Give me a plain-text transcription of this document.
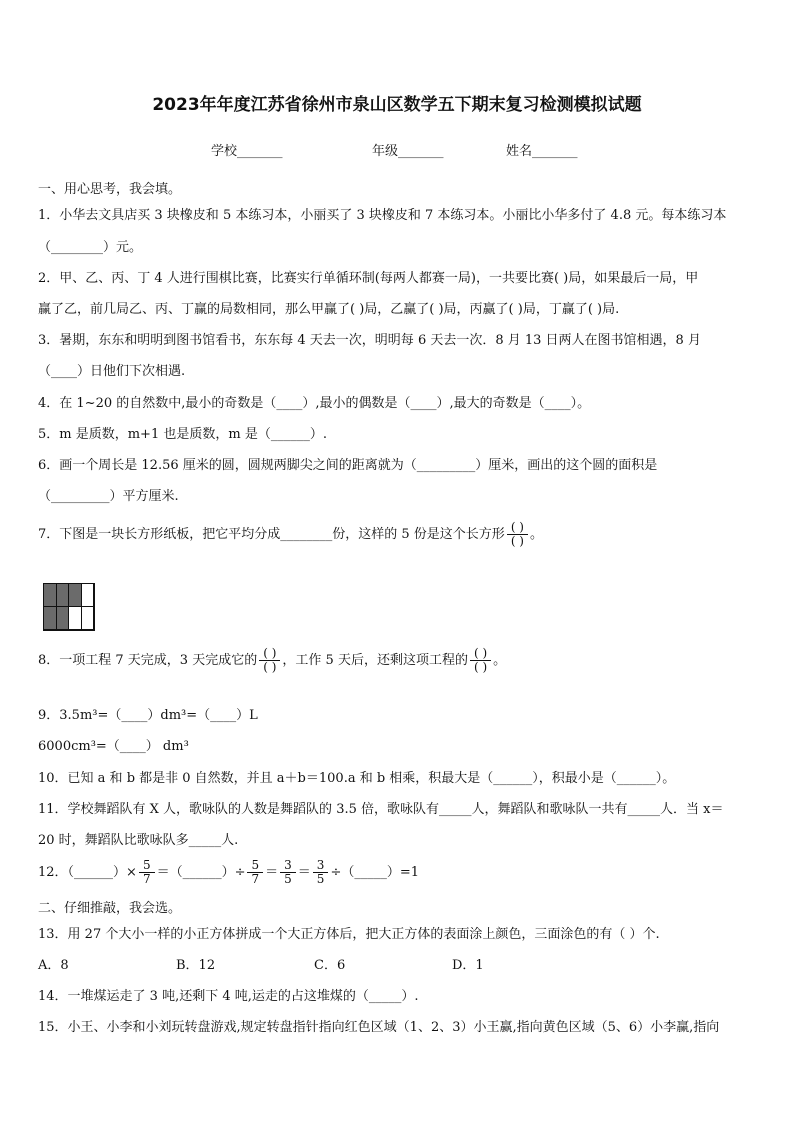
2023年年度江苏省徐州市泉山区数学五下期末复习检测模拟试题
学校_______	年级_______	姓名_______
一、用心思考，我会填。
1．小华去文具店买 3 块橡皮和 5 本练习本，小丽买了 3 块橡皮和 7 本练习本。小丽比小华多付了 4.8 元。每本练习本
（________）元。
2．甲、乙、丙、丁 4 人进行围棋比赛，比赛实行单循环制(每两人都赛一局)，一共要比赛( )局，如果最后一局，甲
赢了乙，前几局乙、丙、丁赢的局数相同，那么甲赢了( )局，乙赢了( )局，丙赢了( )局，丁赢了( )局.
3．暑期，东东和明明到图书馆看书，东东每 4 天去一次，明明每 6 天去一次．8 月 13 日两人在图书馆相遇，8 月
（____）日他们下次相遇.
4．在 1~20 的自然数中,最小的奇数是（____）,最小的偶数是（____）,最大的奇数是（____）。
5．m 是质数，m+1 也是质数，m 是（______）.
6．画一个周长是 12.56 厘米的圆，圆规两脚尖之间的距离就为（_________）厘米，画出的这个圆的面积是
（_________）平方厘米.
7．下图是一块长方形纸板，把它平均分成________份，这样的 5 份是这个长方形 $\frac{( )}{( )}$ 。
8．一项工程 7 天完成，3 天完成它的 $\frac{( )}{( )}$ ，工作 5 天后，还剩这项工程的 $\frac{( )}{( )}$ 。
9．3.5m³=（____）dm³=（____）L
6000cm³=（____） dm³
10．已知 a 和 b 都是非 0 自然数，并且 a＋b＝100.a 和 b 相乘，积最大是（______），积最小是（______）。
11．学校舞蹈队有 X 人，歌咏队的人数是舞蹈队的 3.5 倍，歌咏队有_____人，舞蹈队和歌咏队一共有_____人．当 x＝
20 时，舞蹈队比歌咏队多_____人.
12．（______）× $\frac{5}{7}$ ＝（______）÷ $\frac{5}{7} = \frac{3}{5} = \frac{3}{5}$ ÷（_____）=1
二、仔细推敲，我会选。
13．用 27 个大小一样的小正方体拼成一个大正方体后，把大正方体的表面涂上颜色，三面涂色的有（ ）个.
A．8	B．12	C．6	D．1
14．一堆煤运走了 3 吨,还剩下 4 吨,运走的占这堆煤的（_____）.
15．小王、小李和小刘玩转盘游戏,规定转盘指针指向红色区域（1、2、3）小王赢,指向黄色区域（5、6）小李赢,指向
